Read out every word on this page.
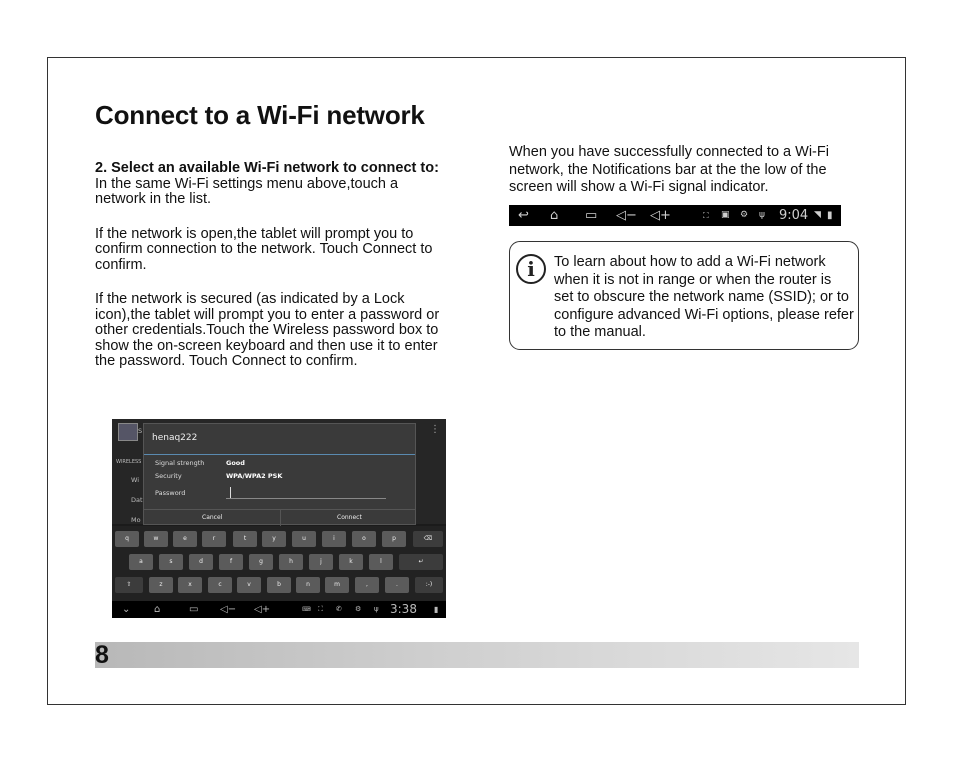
Connect to a Wi-Fi network

2. Select an available Wi-Fi network to connect to:

In the same Wi-Fi settings menu above,touch a network in the list.

If the network is open,the tablet will prompt you to confirm connection to the network. Touch Connect to confirm.

If the network is secured (as indicated by a Lock icon),the tablet will prompt you to enter a password or other credentials.Touch the Wireless password box to show the on-screen keyboard and then use it to enter the password. Touch Connect to confirm.

S
WIRELESS
Wi
Dat
Mo
⋮
henaq222
Signal strength	Good
Security	WPA/WPA2 PSK
Password
Cancel	Connect
q	w	e	r	t	y	u	i	o	p	⌫
a	s	d	f	g	h	j	k	l	↵
⇧	z	x	c	v	b	n	m	,	.	:-)
⌄ ⌂	▭ ◁− ◁+	⌨ ⛶ ✆ ⚙ ψ 3:38 ▮
When you have successfully connected to a Wi-Fi network, the Notifications bar at the the low of the screen will show a Wi-Fi signal indicator.
↩ ⌂ ▭ ◁− ◁+	⛶ ▣ ⚙ ψ 9:04 ◥ ▮
i	To learn about how to add a Wi-Fi network when it is not in range or when the router is set to obscure the network name (SSID); or to configure advanced Wi-Fi options, please refer to the manual.
8
